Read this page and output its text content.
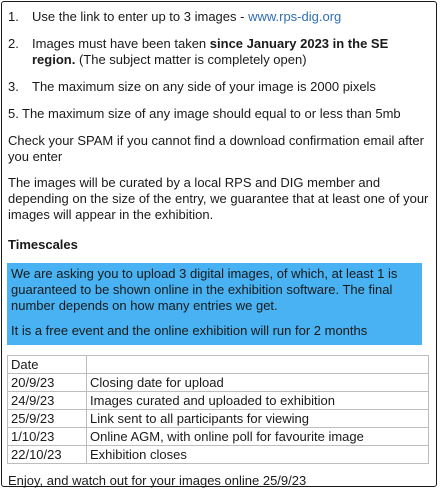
1.	Use the link to enter up to 3 images - www.rps-dig.org
2.	Images must have been taken since January 2023 in the SE region. (The subject matter is completely open)
3.	The maximum size on any side of your image is 2000 pixels
5. The maximum size of any image should equal to or less than 5mb

Check your SPAM if you cannot find a download confirmation email after you enter

The images will be curated by a local RPS and DIG member and depending on the size of the entry, we guarantee that at least one of your images will appear in the exhibition.

Timescales

We are asking you to upload 3 digital images, of which, at least 1 is guaranteed to be shown online in the exhibition software. The final number depends on how many entries we get.

It is a free event and the online exhibition will run for 2 months

Date	
20/9/23	Closing date for upload
24/9/23	Images curated and uploaded to exhibition
25/9/23	Link sent to all participants for viewing
1/10/23	Online AGM, with online poll for favourite image
22/10/23	Exhibition closes
Enjoy, and watch out for your images online 25/9/23
